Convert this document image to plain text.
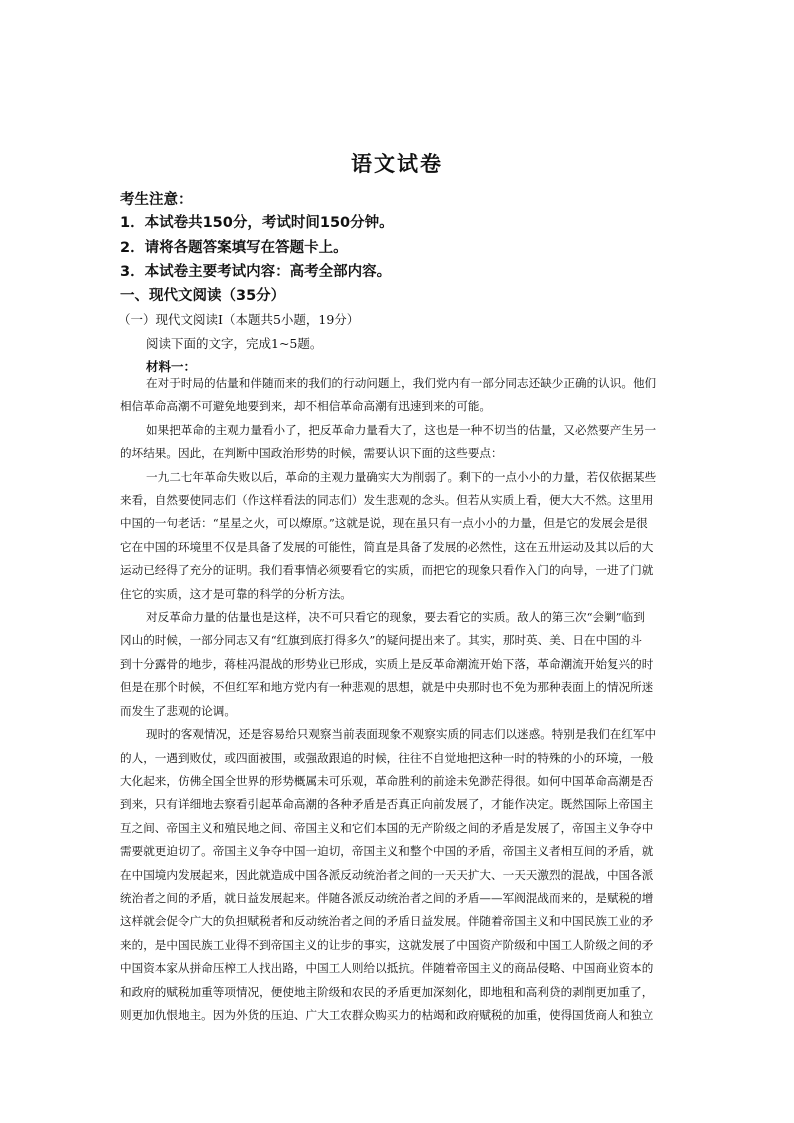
语文试卷
考生注意：
1．本试卷共150分，考试时间150分钟。
2．请将各题答案填写在答题卡上。
3．本试卷主要考试内容：高考全部内容。
一、现代文阅读（35分）
（一）现代文阅读Ⅰ（本题共5小题，19分）
阅读下面的文字，完成1~5题。
材料一：

在对于时局的估量和伴随而来的我们的行动问题上，我们党内有一部分同志还缺少正确的认识。他们

相信革命高潮不可避免地要到来，却不相信革命高潮有迅速到来的可能。

如果把革命的主观力量看小了，把反革命力量看大了，这也是一种不切当的估量，又必然要产生另一

的坏结果。因此，在判断中国政治形势的时候，需要认识下面的这些要点：

一九二七年革命失败以后，革命的主观力量确实大为削弱了。剩下的一点小小的力量，若仅依据某些

来看，自然要使同志们（作这样看法的同志们）发生悲观的念头。但若从实质上看，便大大不然。这里用

中国的一句老话：“星星之火，可以燎原。”这就是说，现在虽只有一点小小的力量，但是它的发展会是很

它在中国的环境里不仅是具备了发展的可能性，简直是具备了发展的必然性，这在五卅运动及其以后的大

运动已经得了充分的证明。我们看事情必须要看它的实质，而把它的现象只看作入门的向导，一进了门就

住它的实质，这才是可靠的科学的分析方法。

对反革命力量的估量也是这样，决不可只看它的现象，要去看它的实质。敌人的第三次“会剿”临到

冈山的时候，一部分同志又有“红旗到底打得多久”的疑问提出来了。其实，那时英、美、日在中国的斗

到十分露骨的地步，蒋桂冯混战的形势业已形成，实质上是反革命潮流开始下落，革命潮流开始复兴的时

但是在那个时候，不但红军和地方党内有一种悲观的思想，就是中央那时也不免为那种表面上的情况所迷

而发生了悲观的论调。

现时的客观情况，还是容易给只观察当前表面现象不观察实质的同志们以迷惑。特别是我们在红军中

的人，一遇到败仗，或四面被围，或强敌跟追的时候，往往不自觉地把这种一时的特殊的小的环境，一般

大化起来，仿佛全国全世界的形势概属未可乐观，革命胜利的前途未免渺茫得很。如何中国革命高潮是否

到来，只有详细地去察看引起革命高潮的各种矛盾是否真正向前发展了，才能作决定。既然国际上帝国主

互之间、帝国主义和殖民地之间、帝国主义和它们本国的无产阶级之间的矛盾是发展了，帝国主义争夺中

需要就更迫切了。帝国主义争夺中国一迫切，帝国主义和整个中国的矛盾，帝国主义者相互间的矛盾，就

在中国境内发展起来，因此就造成中国各派反动统治者之间的一天天扩大、一天天激烈的混战，中国各派

统治者之间的矛盾，就日益发展起来。伴随各派反动统治者之间的矛盾——军阀混战而来的，是赋税的增

这样就会促令广大的负担赋税者和反动统治者之间的矛盾日益发展。伴随着帝国主义和中国民族工业的矛

来的，是中国民族工业得不到帝国主义的让步的事实，这就发展了中国资产阶级和中国工人阶级之间的矛

中国资本家从拼命压榨工人找出路，中国工人则给以抵抗。伴随着帝国主义的商品侵略、中国商业资本的

和政府的赋税加重等项情况，便使地主阶级和农民的矛盾更加深刻化，即地租和高利贷的剥削更加重了，

则更加仇恨地主。因为外货的压迫、广大工农群众购买力的枯竭和政府赋税的加重，使得国货商人和独立
